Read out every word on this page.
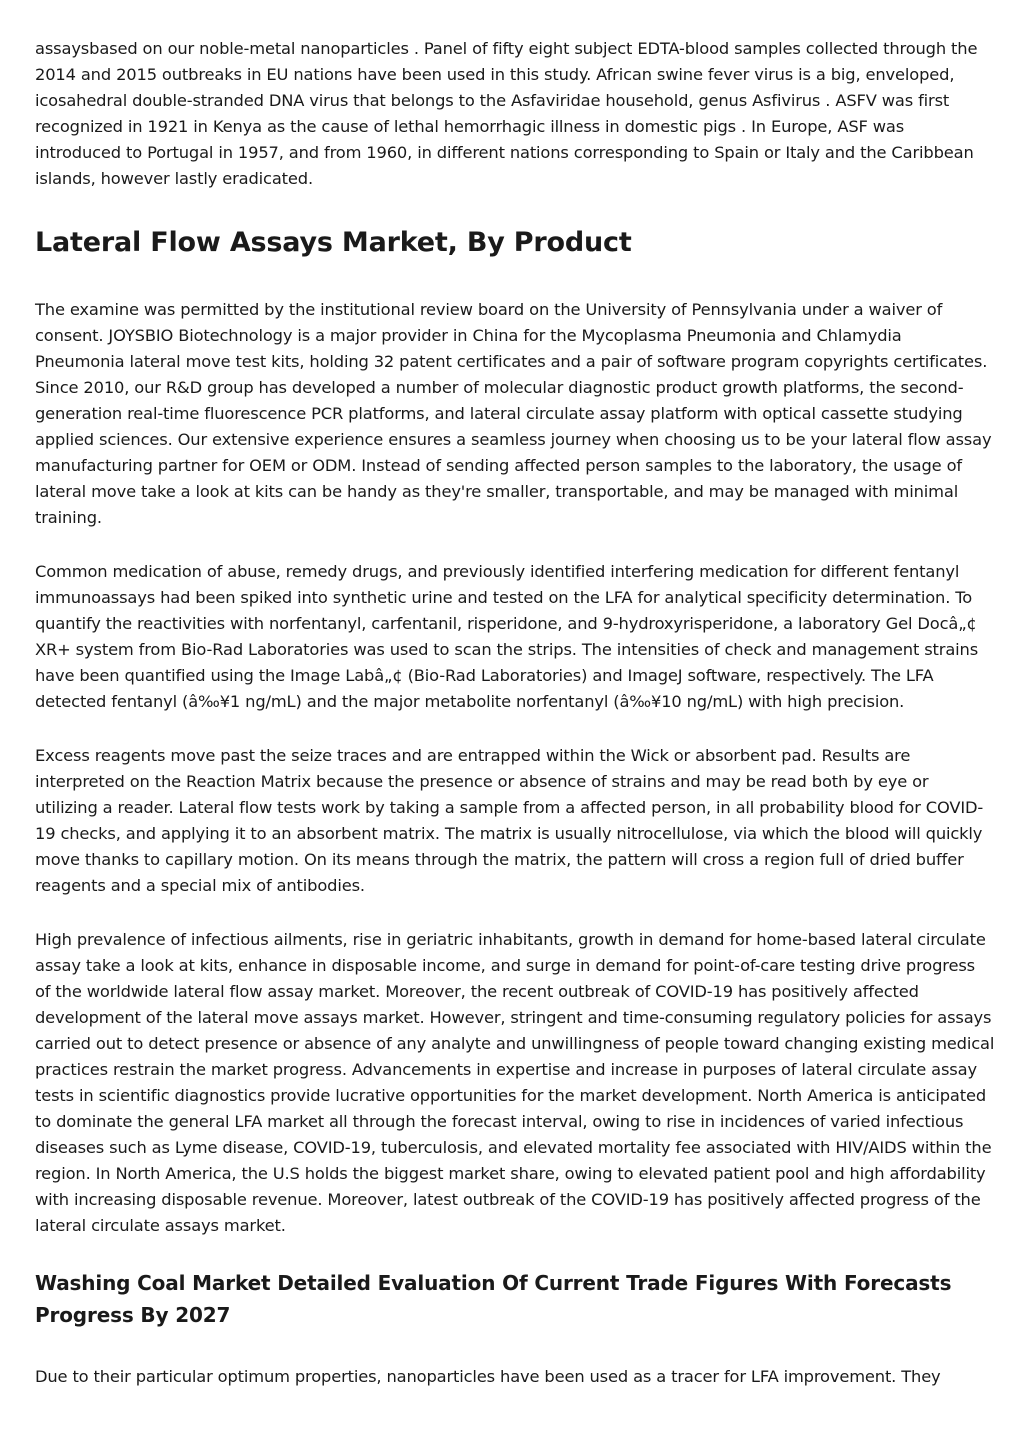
assaysbased on our noble-metal nanoparticles . Panel of fifty eight subject EDTA-blood samples collected through the 2014 and 2015 outbreaks in EU nations have been used in this study. African swine fever virus is a big, enveloped, icosahedral double-stranded DNA virus that belongs to the Asfaviridae household, genus Asfivirus . ASFV was first recognized in 1921 in Kenya as the cause of lethal hemorrhagic illness in domestic pigs . In Europe, ASF was introduced to Portugal in 1957, and from 1960, in different nations corresponding to Spain or Italy and the Caribbean islands, however lastly eradicated.

Lateral Flow Assays Market, By Product

The examine was permitted by the institutional review board on the University of Pennsylvania under a waiver of consent. JOYSBIO Biotechnology is a major provider in China for the Mycoplasma Pneumonia and Chlamydia Pneumonia lateral move test kits, holding 32 patent certificates and a pair of software program copyrights certificates. Since 2010, our R&D group has developed a number of molecular diagnostic product growth platforms, the second-generation real-time fluorescence PCR platforms, and lateral circulate assay platform with optical cassette studying applied sciences. Our extensive experience ensures a seamless journey when choosing us to be your lateral flow assay manufacturing partner for OEM or ODM. Instead of sending affected person samples to the laboratory, the usage of lateral move take a look at kits can be handy as they're smaller, transportable, and may be managed with minimal training.

Common medication of abuse, remedy drugs, and previously identified interfering medication for different fentanyl immunoassays had been spiked into synthetic urine and tested on the LFA for analytical specificity determination. To quantify the reactivities with norfentanyl, carfentanil, risperidone, and 9-hydroxyrisperidone, a laboratory Gel Docâ„¢ XR+ system from Bio-Rad Laboratories was used to scan the strips. The intensities of check and management strains have been quantified using the Image Labâ„¢ (Bio-Rad Laboratories) and ImageJ software, respectively. The LFA detected fentanyl (â‰¥1 ng/mL) and the major metabolite norfentanyl (â‰¥10 ng/mL) with high precision.

Excess reagents move past the seize traces and are entrapped within the Wick or absorbent pad. Results are interpreted on the Reaction Matrix because the presence or absence of strains and may be read both by eye or utilizing a reader. Lateral flow tests work by taking a sample from a affected person, in all probability blood for COVID-19 checks, and applying it to an absorbent matrix. The matrix is usually nitrocellulose, via which the blood will quickly move thanks to capillary motion. On its means through the matrix, the pattern will cross a region full of dried buffer reagents and a special mix of antibodies.

High prevalence of infectious ailments, rise in geriatric inhabitants, growth in demand for home-based lateral circulate assay take a look at kits, enhance in disposable income, and surge in demand for point-of-care testing drive progress of the worldwide lateral flow assay market. Moreover, the recent outbreak of COVID-19 has positively affected development of the lateral move assays market. However, stringent and time-consuming regulatory policies for assays carried out to detect presence or absence of any analyte and unwillingness of people toward changing existing medical practices restrain the market progress. Advancements in expertise and increase in purposes of lateral circulate assay tests in scientific diagnostics provide lucrative opportunities for the market development. North America is anticipated to dominate the general LFA market all through the forecast interval, owing to rise in incidences of varied infectious diseases such as Lyme disease, COVID-19, tuberculosis, and elevated mortality fee associated with HIV/AIDS within the region. In North America, the U.S holds the biggest market share, owing to elevated patient pool and high affordability with increasing disposable revenue. Moreover, latest outbreak of the COVID-19 has positively affected progress of the lateral circulate assays market.

Washing Coal Market Detailed Evaluation Of Current Trade Figures With Forecasts Progress By 2027

Due to their particular optimum properties, nanoparticles have been used as a tracer for LFA improvement. They
